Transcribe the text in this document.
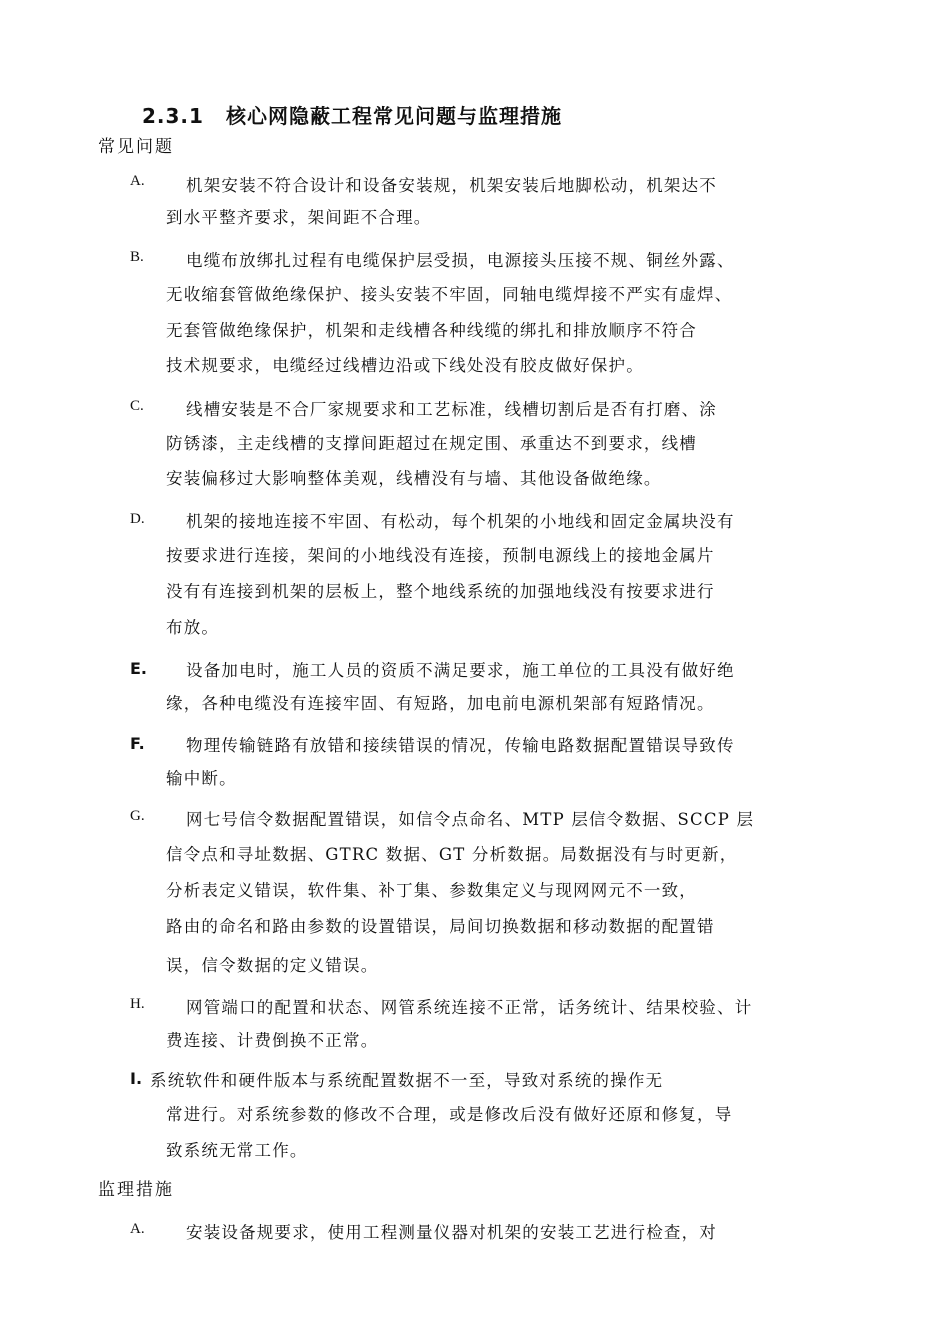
2.3.1 核心网隐蔽工程常见问题与监理措施
常见问题
A.	机架安装不符合设计和设备安装规，机架安装后地脚松动，机架达不
到水平整齐要求，架间距不合理。
B.	电缆布放绑扎过程有电缆保护层受损，电源接头压接不规、铜丝外露、
无收缩套管做绝缘保护、接头安装不牢固，同轴电缆焊接不严实有虚焊、
无套管做绝缘保护，机架和走线槽各种线缆的绑扎和排放顺序不符合
技术规要求，电缆经过线槽边沿或下线处没有胶皮做好保护。
C.	线槽安装是不合厂家规要求和工艺标准，线槽切割后是否有打磨、涂
防锈漆，主走线槽的支撑间距超过在规定围、承重达不到要求，线槽
安装偏移过大影响整体美观，线槽没有与墙、其他设备做绝缘。
D.	机架的接地连接不牢固、有松动，每个机架的小地线和固定金属块没有
按要求进行连接，架间的小地线没有连接，预制电源线上的接地金属片
没有有连接到机架的层板上，整个地线系统的加强地线没有按要求进行
布放。
E.	设备加电时，施工人员的资质不满足要求，施工单位的工具没有做好绝
缘，各种电缆没有连接牢固、有短路，加电前电源机架部有短路情况。
F.	物理传输链路有放错和接续错误的情况，传输电路数据配置错误导致传
输中断。
G.	网七号信令数据配置错误，如信令点命名、MTP 层信令数据、SCCP 层
信令点和寻址数据、GTRC 数据、GT 分析数据。局数据没有与时更新，
分析表定义错误，软件集、补丁集、参数集定义与现网网元不一致，
路由的命名和路由参数的设置错误，局间切换数据和移动数据的配置错
误，信令数据的定义错误。
H.	网管端口的配置和状态、网管系统连接不正常，话务统计、结果校验、计
费连接、计费倒换不正常。
I. 系统软件和硬件版本与系统配置数据不一至，导致对系统的操作无
常进行。对系统参数的修改不合理，或是修改后没有做好还原和修复，导
致系统无常工作。
监理措施
A.	安装设备规要求，使用工程测量仪器对机架的安装工艺进行检查，对
